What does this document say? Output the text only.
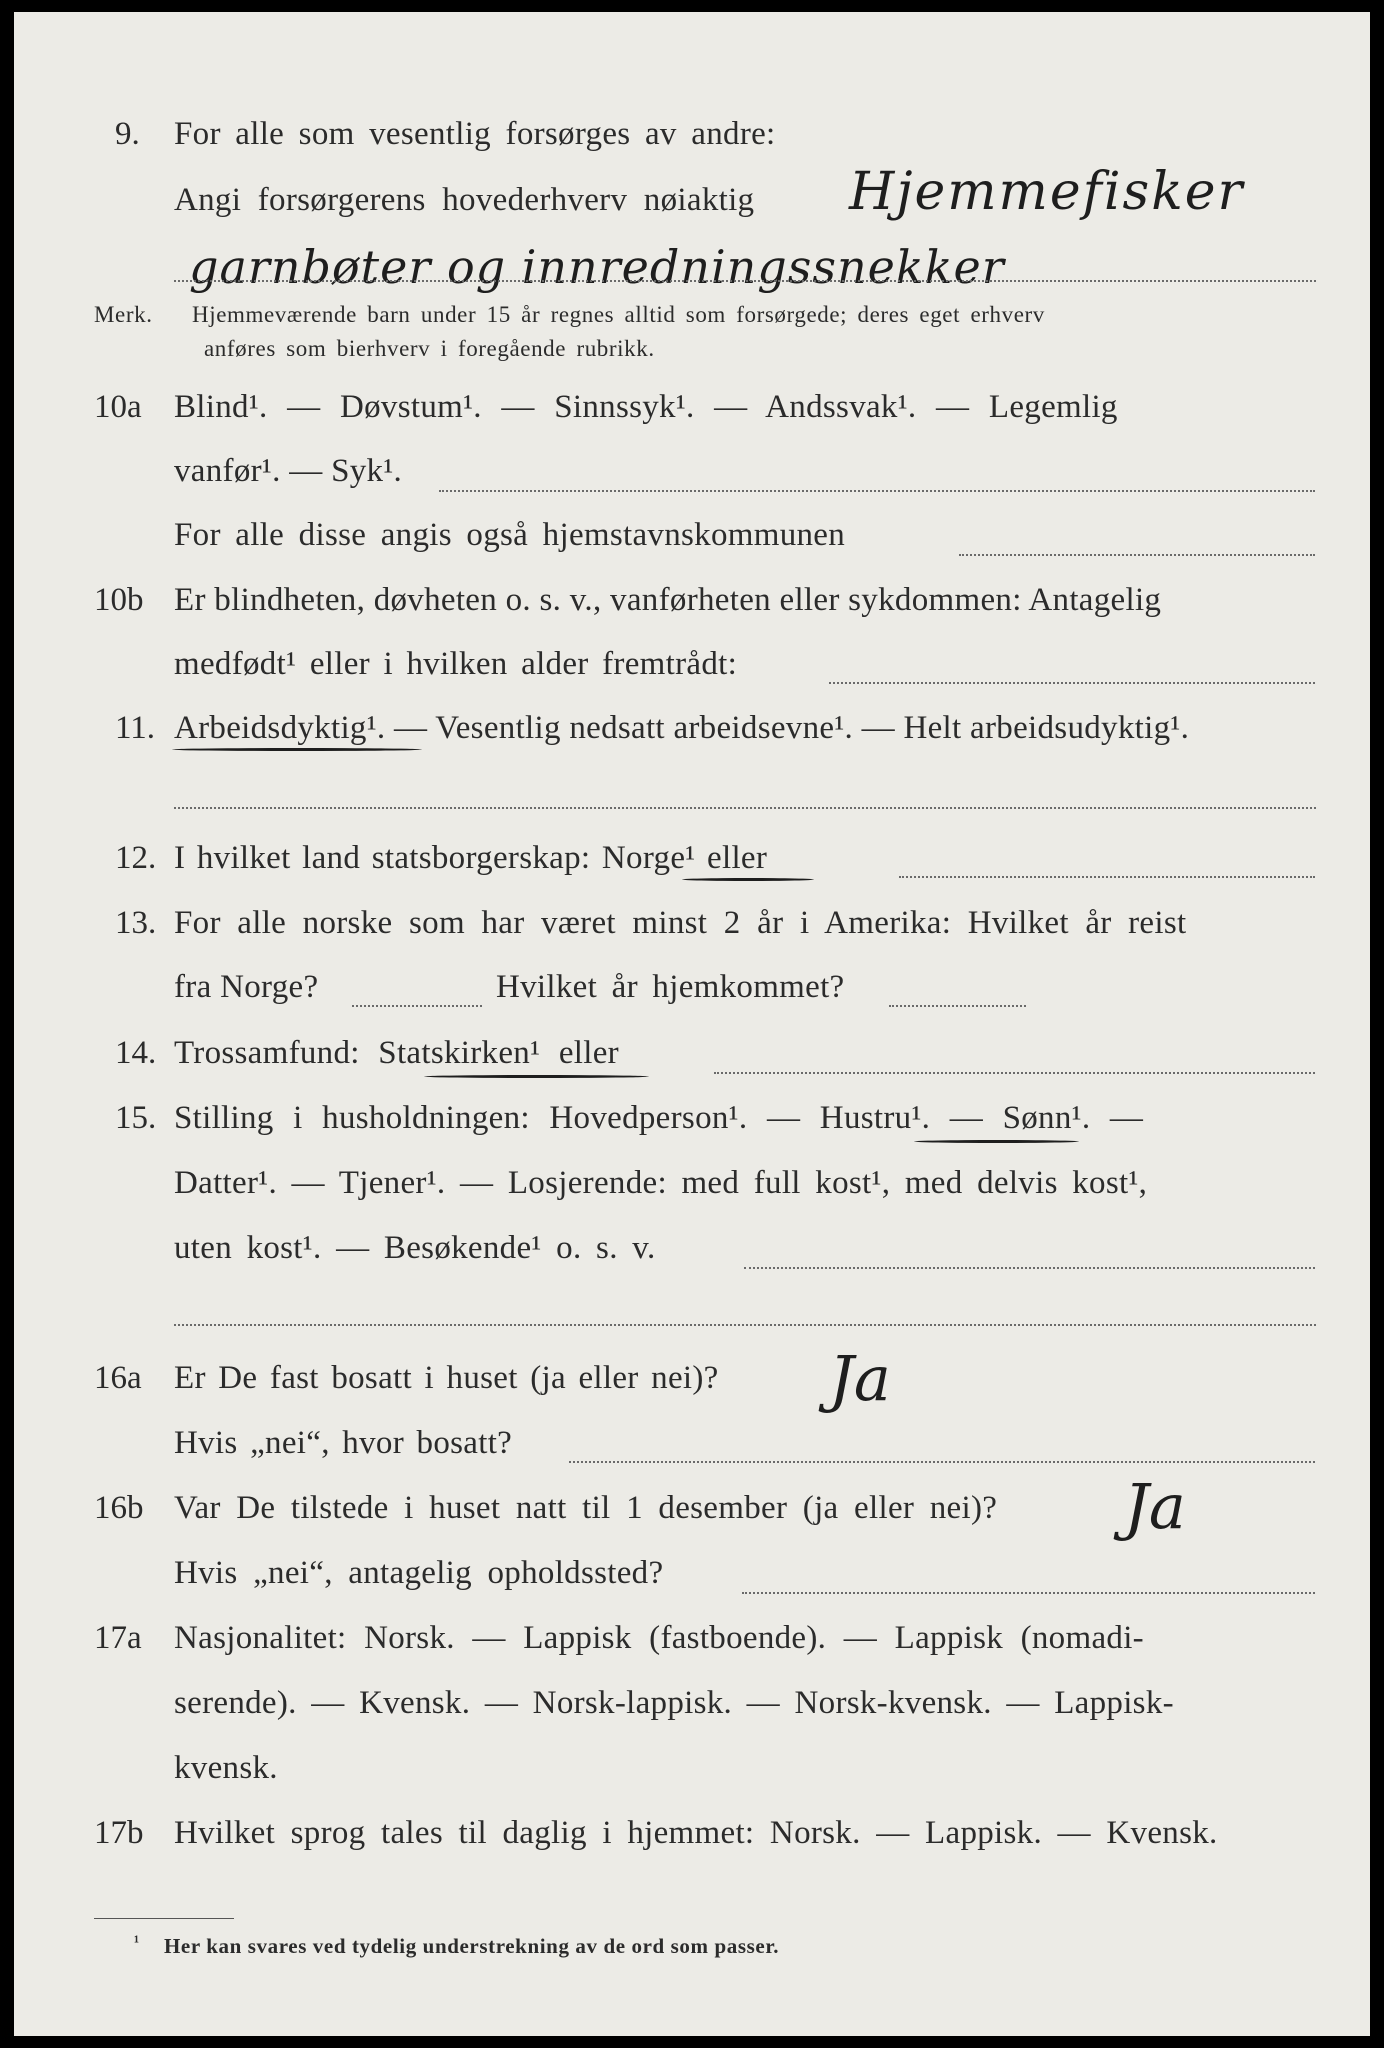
9. For alle som vesentlig forsørges av andre:
Angi forsørgerens hovederhverv nøiaktig Hjemmefisker
garnbøter og innredningssnekker
Merk. Hjemmeværende barn under 15 år regnes alltid som forsørgede; deres eget erhverv
anføres som bierhverv i foregående rubrikk.
10a Blind¹. — Døvstum¹. — Sinnssyk¹. — Andssvak¹. — Legemlig
vanfør¹. — Syk¹.
For alle disse angis også hjemstavnskommunen
10b Er blindheten, døvheten o. s. v., vanførheten eller sykdommen: Antagelig
medfødt¹ eller i hvilken alder fremtrådt:
11. Arbeidsdyktig¹. — Vesentlig nedsatt arbeidsevne¹. — Helt arbeidsudyktig¹.
12. I hvilket land statsborgerskap: Norge¹ eller
13. For alle norske som har været minst 2 år i Amerika: Hvilket år reist
fra Norge?	Hvilket år hjemkommet?
14. Trossamfund: Statskirken¹ eller
15. Stilling i husholdningen: Hovedperson¹. — Hustru¹. — Sønn¹. —
Datter¹. — Tjener¹. — Losjerende: med full kost¹, med delvis kost¹,
uten kost¹. — Besøkende¹ o. s. v.
16a Er De fast bosatt i huset (ja eller nei)? Ja
Hvis „nei“, hvor bosatt?
16b Var De tilstede i huset natt til 1 desember (ja eller nei)? Ja
Hvis „nei“, antagelig opholdssted?
17a Nasjonalitet: Norsk. — Lappisk (fastboende). — Lappisk (nomadi-
serende). — Kvensk. — Norsk-lappisk. — Norsk-kvensk. — Lappisk-
kvensk.
17b Hvilket sprog tales til daglig i hjemmet: Norsk. — Lappisk. — Kvensk.
¹ Her kan svares ved tydelig understrekning av de ord som passer.
